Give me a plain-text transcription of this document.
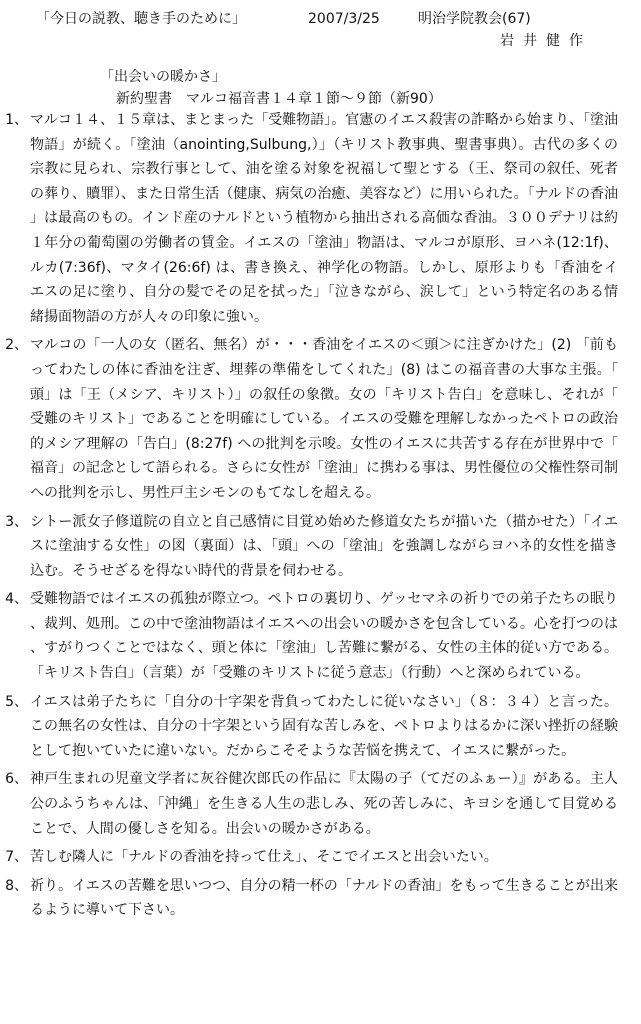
「今日の説教、聴き手のために」	2007/3/25	明治学院教会(67)
岩井健作
「出会いの暖かさ」
新約聖書　マルコ福音書１４章１節～９節（新90）
1、 マルコ１４、１５章は、まとまった「受難物語」。官憲のイエス殺害の詐略から始まり、「塗油物語」が続く。「塗油（anointing,Sulbung,）」（キリスト教事典、聖書事典）。古代の多くの宗教に見られ、宗教行事として、油を塗る対象を祝福して聖とする（王、祭司の叙任、死者の葬り、贖罪）、また日常生活（健康、病気の治癒、美容など）に用いられた。「ナルドの香油」は最高のもの。インド産のナルドという植物から抽出される高価な香油。３００デナリは約１年分の葡萄園の労働者の賃金。イエスの「塗油」物語は、マルコが原形、ヨハネ(12:1f)、ルカ(7:36f)、マタイ(26:6f) は、書き換え、神学化の物語。しかし、原形よりも「香油をイエスの足に塗り、自分の髪でその足を拭った」「泣きながら、涙して」という特定名のある情緒揚面物語の方が人々の印象に強い。
2、 マルコの「一人の女（匿名、無名）が・・・香油をイエスの＜頭＞に注ぎかけた」(2) 「前もってわたしの体に香油を注ぎ、埋葬の準備をしてくれた」(8) はこの福音書の大事な主張。「頭」は「王（メシア、キリスト）」の叙任の象徴。女の「キリスト告白」を意味し、それが「受難のキリスト」であることを明確にしている。イエスの受難を理解しなかったペトロの政治的メシア理解の「告白」(8:27f) への批判を示唆。女性のイエスに共苦する存在が世界中で「福音」の記念として語られる。さらに女性が「塗油」に携わる事は、男性優位の父権性祭司制への批判を示し、男性戸主シモンのもてなしを超える。
3、 シトー派女子修道院の自立と自己感情に目覚め始めた修道女たちが描いた（描かせた）「イエスに塗油する女性」の図（裏面）は、「頭」への「塗油」を強調しながらヨハネ的女性を描き込む。そうせざるを得ない時代的背景を伺わせる。
4、 受難物語ではイエスの孤独が際立つ。ペトロの裏切り、ゲッセマネの祈りでの弟子たちの眠り、裁判、処刑。この中で塗油物語はイエスへの出会いの暖かさを包含している。心を打つのは、すがりつくことではなく、頭と体に「塗油」し苦難に繋がる、女性の主体的従い方である。「キリスト告白」（言葉）が「受難のキリストに従う意志」（行動）へと深められている。
5、 イエスは弟子たちに「自分の十字架を背負ってわたしに従いなさい」（８：３４）と言った。この無名の女性は、自分の十字架という固有な苦しみを、ペトロよりはるかに深い挫折の経験として抱いていたに違いない。だからこそそような苦悩を携えて、イエスに繋がった。
6、 神戸生まれの児童文学者に灰谷健次郎氏の作品に『太陽の子（てだのふぁー）』がある。主人公のふうちゃんは、「沖縄」を生きる人生の悲しみ、死の苦しみに、キヨシを通して目覚めることで、人間の優しさを知る。出会いの暖かさがある。
7、 苦しむ隣人に「ナルドの香油を持って仕え」、そこでイエスと出会いたい。
8、 祈り。イエスの苦難を思いつつ、自分の精一杯の「ナルドの香油」をもって生きることが出来るように導いて下さい。
